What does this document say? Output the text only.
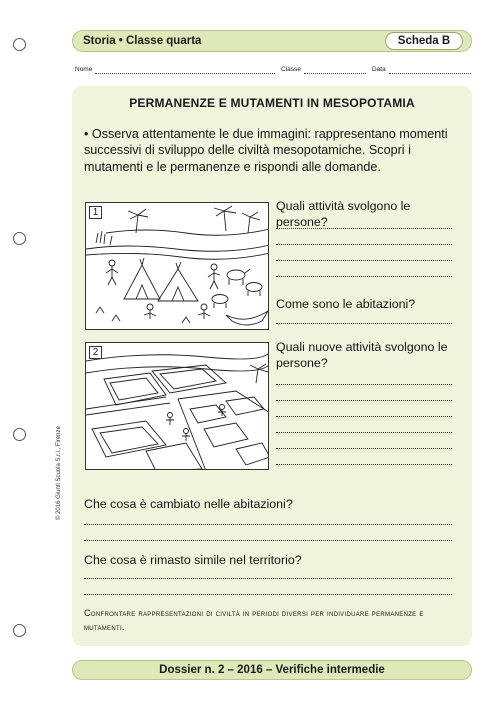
Storia • Classe quarta	Scheda B
Nome	Classe	Data
© 2016 Giunti Scuola S.r.l., Firenze
PERMANENZE E MUTAMENTI IN MESOPOTAMIA
• Osserva attentamente le due immagini: rappresentano momenti successivi di sviluppo delle civiltà mesopotamiche. Scopri i mutamenti e le permanenze e rispondi alle domande.
1
2
Quali attività svolgono le persone?
Come sono le abitazioni?
Quali nuove attività svolgono le persone?
Che cosa è cambiato nelle abitazioni?
Che cosa è rimasto simile nel territorio?
Confrontare rappresentazioni di civiltà in periodi diversi per individuare permanenze e mutamenti.
Dossier n. 2 – 2016 – Verifiche intermedie
